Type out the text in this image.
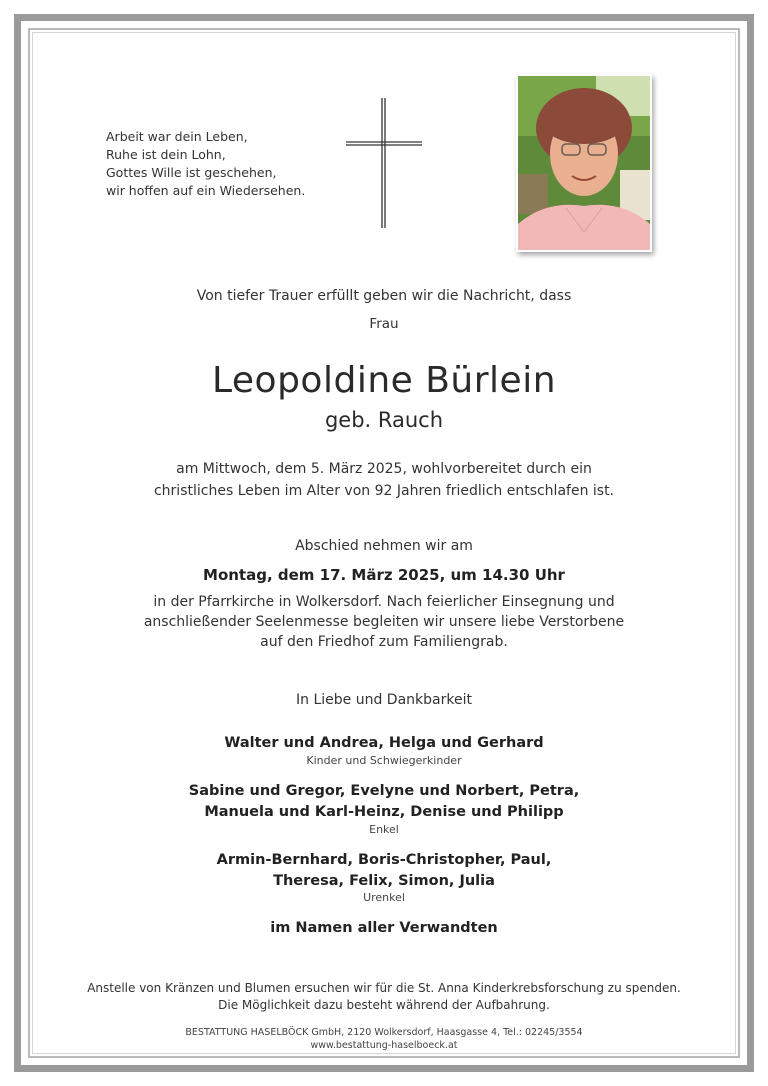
Arbeit war dein Leben,
Ruhe ist dein Lohn,
Gottes Wille ist geschehen,
wir hoffen auf ein Wiedersehen.
Von tiefer Trauer erfüllt geben wir die Nachricht, dass
Frau
Leopoldine Bürlein
geb. Rauch
am Mittwoch, dem 5. März 2025, wohlvorbereitet durch ein
christliches Leben im Alter von 92 Jahren friedlich entschlafen ist.
Abschied nehmen wir am
Montag, dem 17. März 2025, um 14.30 Uhr
in der Pfarrkirche in Wolkersdorf. Nach feierlicher Einsegnung und
anschließender Seelenmesse begleiten wir unsere liebe Verstorbene
auf den Friedhof zum Familiengrab.
In Liebe und Dankbarkeit
Walter und Andrea, Helga und Gerhard
Kinder und Schwiegerkinder
Sabine und Gregor, Evelyne und Norbert, Petra,
Manuela und Karl-Heinz, Denise und Philipp
Enkel
Armin-Bernhard, Boris-Christopher, Paul,
Theresa, Felix, Simon, Julia
Urenkel
im Namen aller Verwandten
Anstelle von Kränzen und Blumen ersuchen wir für die St. Anna Kinderkrebsforschung zu spenden.
Die Möglichkeit dazu besteht während der Aufbahrung.
BESTATTUNG HASELBÖCK GmbH, 2120 Wolkersdorf, Haasgasse 4, Tel.: 02245/3554
www.bestattung-haselboeck.at
